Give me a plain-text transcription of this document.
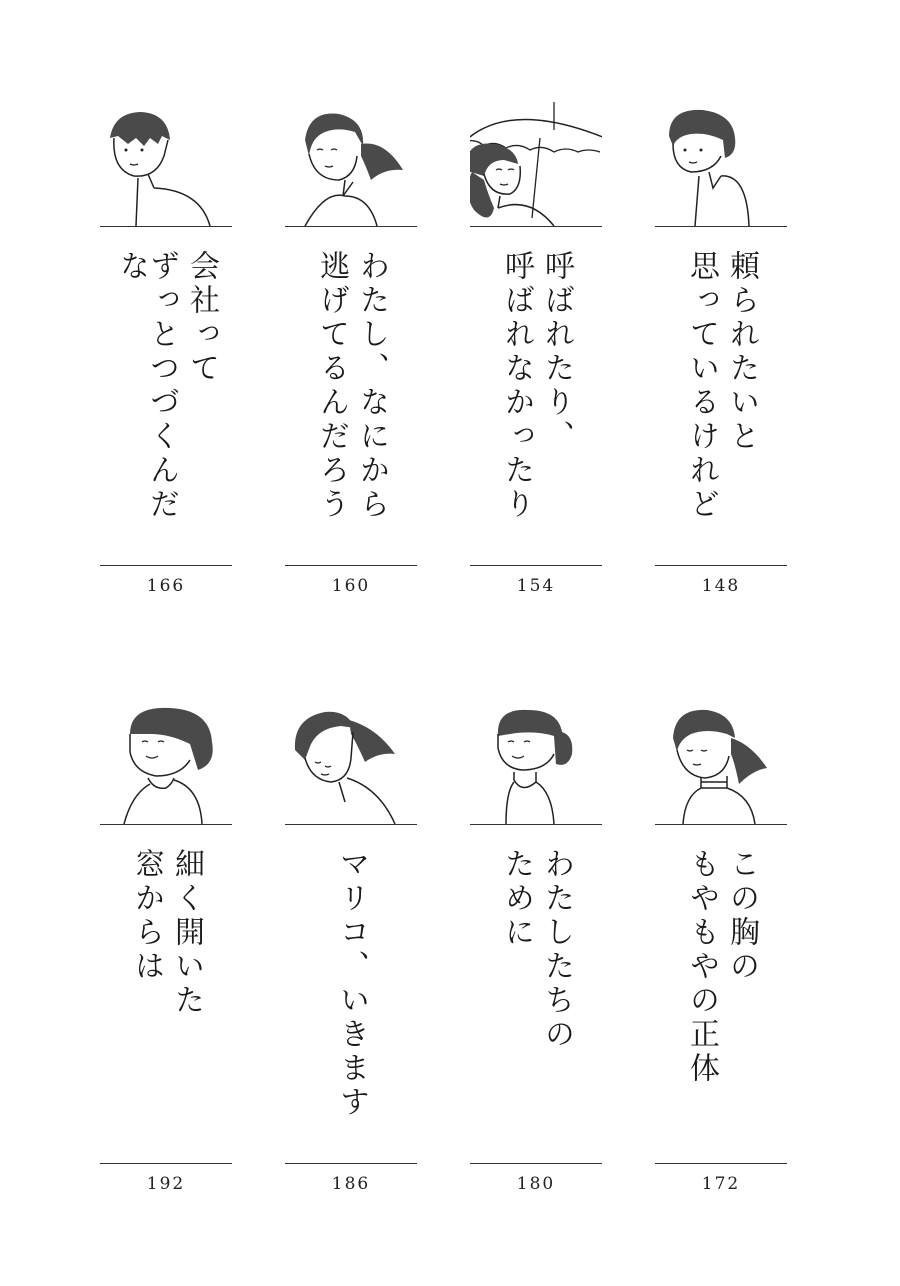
会社って
ずっとつづくんだな
166
わたし、なにから
逃げてるんだろう
160
呼ばれたり、
呼ばれなかったり
154
頼られたいと
思っているけれど
148
細く開いた
窓からは
192
マリコ、いきます
186
わたしたちの
ために
180
この胸の
もやもやの正体
172
